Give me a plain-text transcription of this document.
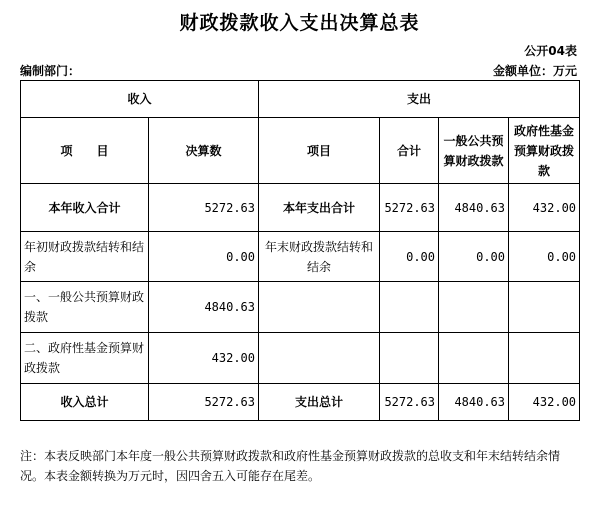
财政拨款收入支出决算总表
公开04表
编制部门：	金额单位：万元
收入		支出			
项　　目	决算数	项目	合计	一般公共预算财政拨款	政府性基金预算财政拨款
本年收入合计	5272.63	本年支出合计	5272.63	4840.63	432.00
年初财政拨款结转和结余	0.00	年末财政拨款结转和结余	0.00	0.00	0.00
一、一般公共预算财政拨款	4840.63				
二、政府性基金预算财政拨款	432.00				
收入总计	5272.63	支出总计	5272.63	4840.63	432.00
注：本表反映部门本年度一般公共预算财政拨款和政府性基金预算财政拨款的总收支和年末结转结余情况。本表金额转换为万元时，因四舍五入可能存在尾差。
